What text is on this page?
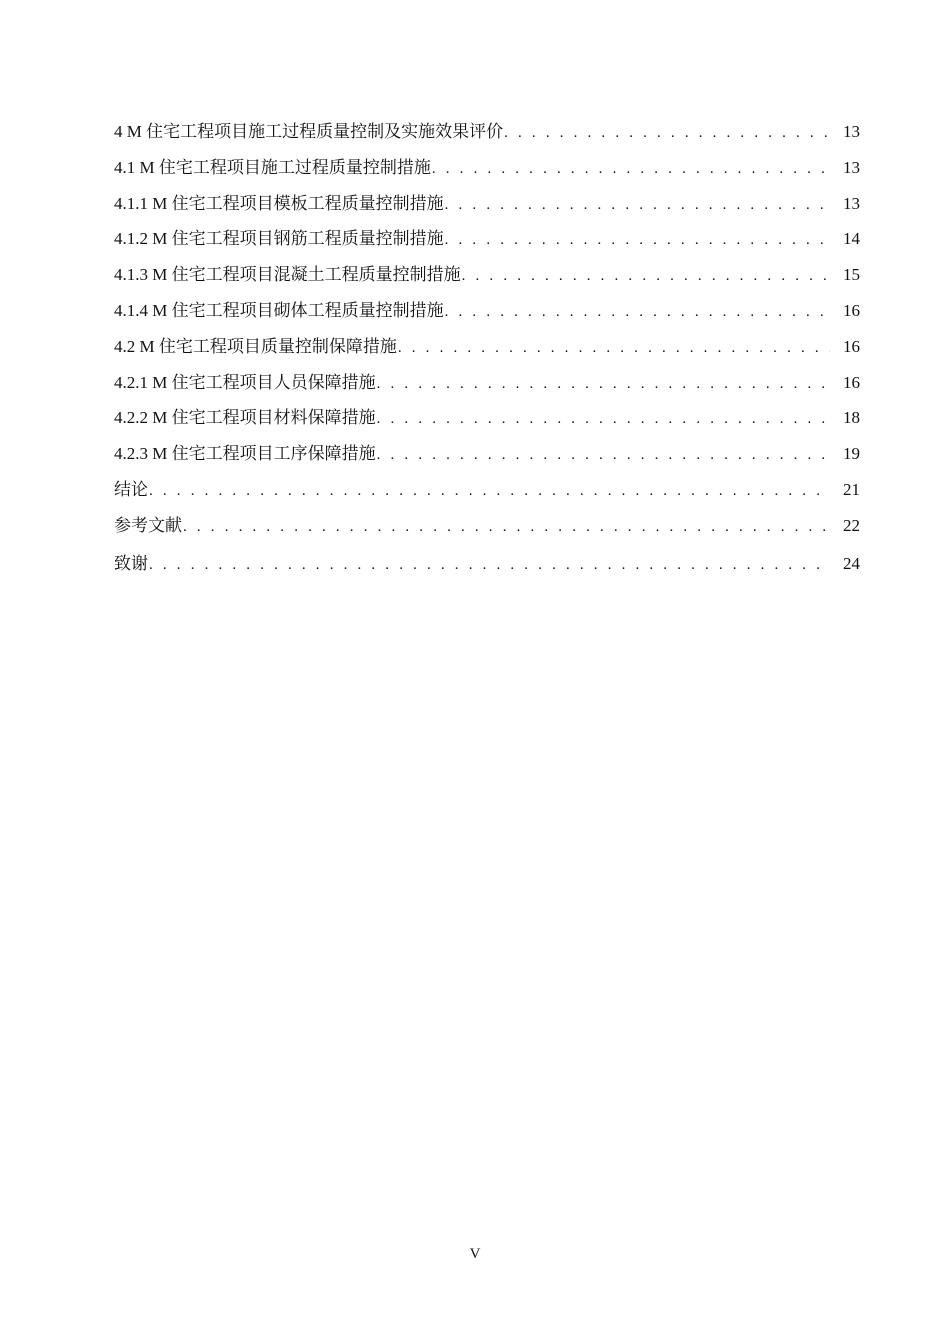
4 M 住宅工程项目施工过程质量控制及实施效果评价 . . .	13
4.1 M 住宅工程项目施工过程质量控制措施 . . .	13
4.1.1 M 住宅工程项目模板工程质量控制措施 . . .	13
4.1.2 M 住宅工程项目钢筋工程质量控制措施 . . .	14
4.1.3 M 住宅工程项目混凝土工程质量控制措施 . . .	15
4.1.4 M 住宅工程项目砌体工程质量控制措施 . . .	16
4.2 M 住宅工程项目质量控制保障措施 . . .	16
4.2.1 M 住宅工程项目人员保障措施 . . .	16
4.2.2 M 住宅工程项目材料保障措施 . . .	18
4.2.3 M 住宅工程项目工序保障措施 . . .	19
结论 . . .	21
参考文献 . . .	22
致谢 . . .	24
V
